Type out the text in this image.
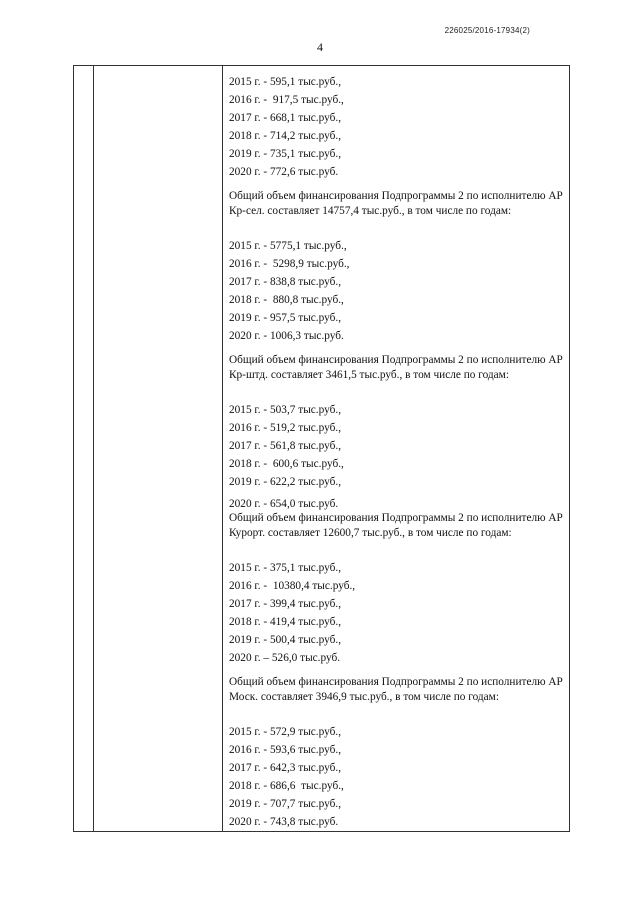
226025/2016-17934(2)
4
2015 г. - 595,1 тыс.руб.,
2016 г. -  917,5 тыс.руб.,
2017 г. - 668,1 тыс.руб.,
2018 г. - 714,2 тыс.руб.,
2019 г. - 735,1 тыс.руб.,
2020 г. - 772,6 тыс.руб.
Общий объем финансирования Подпрограммы 2 по исполнителю АР Кр-сел. составляет 14757,4 тыс.руб., в том числе по годам:
2015 г. - 5775,1 тыс.руб.,
2016 г. -  5298,9 тыс.руб.,
2017 г. - 838,8 тыс.руб.,
2018 г. -  880,8 тыс.руб.,
2019 г. - 957,5 тыс.руб.,
2020 г. - 1006,3 тыс.руб.
Общий объем финансирования Подпрограммы 2 по исполнителю АР Кр-штд. составляет 3461,5 тыс.руб., в том числе по годам:
2015 г. - 503,7 тыс.руб.,
2016 г. - 519,2 тыс.руб.,
2017 г. - 561,8 тыс.руб.,
2018 г. -  600,6 тыс.руб.,
2019 г. - 622,2 тыс.руб.,
2020 г. - 654,0 тыс.руб.
Общий объем финансирования Подпрограммы 2 по исполнителю АР Курорт. составляет 12600,7 тыс.руб., в том числе по годам:
2015 г. - 375,1 тыс.руб.,
2016 г. -  10380,4 тыс.руб.,
2017 г. - 399,4 тыс.руб.,
2018 г. - 419,4 тыс.руб.,
2019 г. - 500,4 тыс.руб.,
2020 г. – 526,0 тыс.руб.
Общий объем финансирования Подпрограммы 2 по исполнителю АР Моск. составляет 3946,9 тыс.руб., в том числе по годам:
2015 г. - 572,9 тыс.руб.,
2016 г. - 593,6 тыс.руб.,
2017 г. - 642,3 тыс.руб.,
2018 г. - 686,6  тыс.руб.,
2019 г. - 707,7 тыс.руб.,
2020 г. - 743,8 тыс.руб.
